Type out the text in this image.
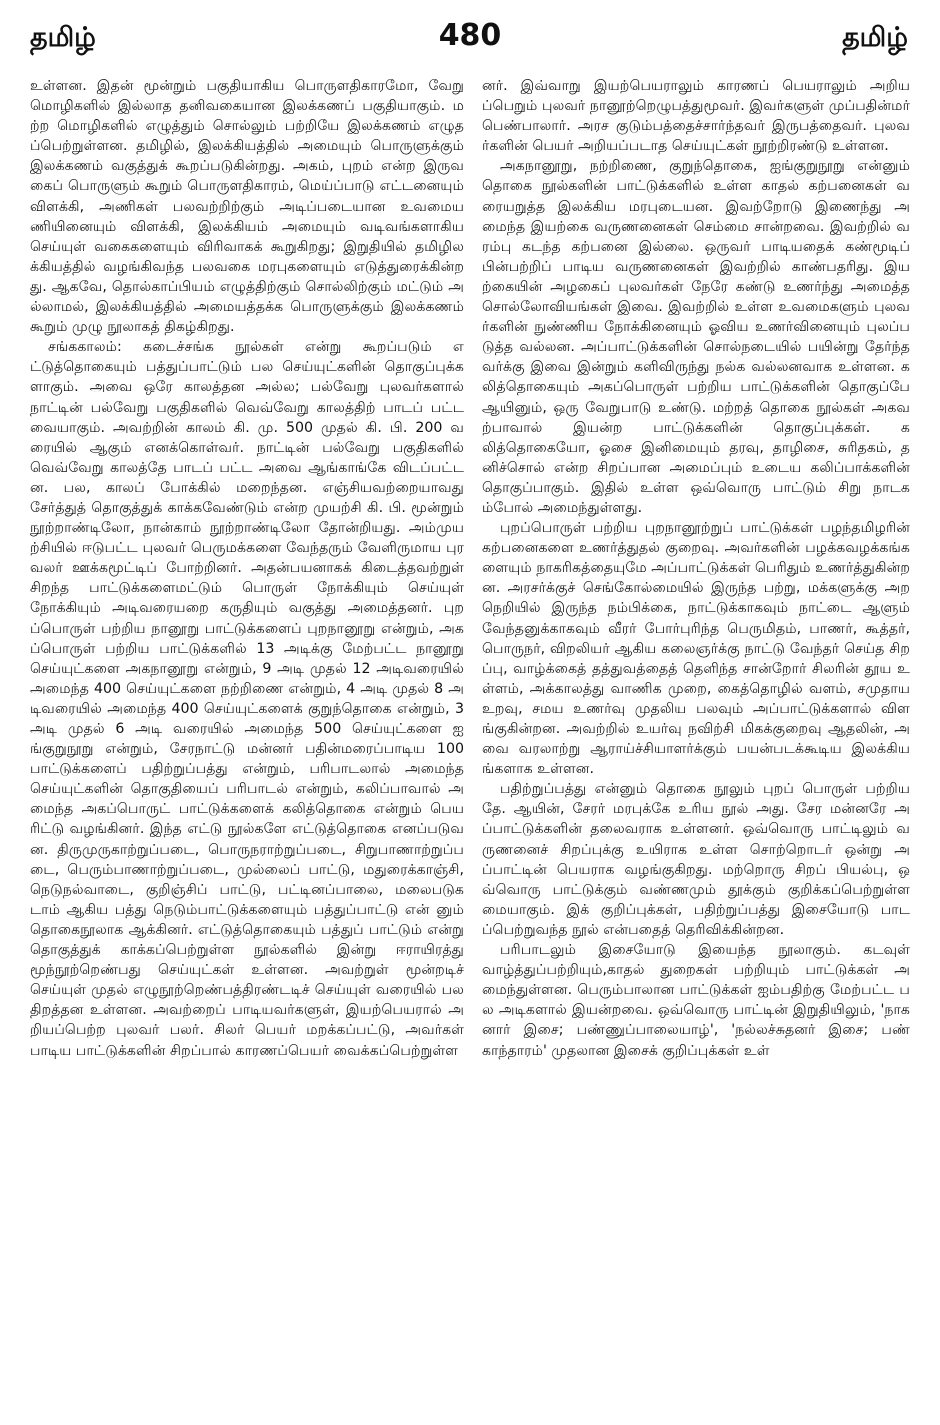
தமிழ்	480	தமிழ்

உள்ளன. இதன் மூன்றும் பகுதியாகிய பொருளதிகாரமோ, வேறு மொழிகளில் இல்லாத தனிவகையான இலக்கணப் பகுதியாகும். மற்ற மொழிகளில் எழுத்தும் சொல்லும் பற்றியே இலக்கணம் எழுதப்பெற்றுள்ளன. தமிழில், இலக்கியத்தில் அமையும் பொருளுக்கும் இலக்கணம் வகுத்துக் கூறப்படுகின்றது. அகம், புறம் என்ற இருவகைப் பொருளும் கூறும் பொருளதிகாரம், மெய்ப்பாடு எட்டனையும் விளக்கி, அணிகள் பலவற்றிற்கும் அடிப்படையான உவமையணியினையும் விளக்கி, இலக்கியம் அமையும் வடிவங்களாகிய செய்யுள் வகைகளையும் விரிவாகக் கூறுகிறது; இறுதியில் தமிழிலக்கியத்தில் வழங்கிவந்த பலவகை மரபுகளையும் எடுத்துரைக்கின்றது. ஆகவே, தொல்காப்பியம் எழுத்திற்கும் சொல்லிற்கும் மட்டும் அல்லாமல், இலக்கியத்தில் அமையத்தக்க பொருளுக்கும் இலக்கணம் கூறும் முழு நூலாகத் திகழ்கிறது.

சங்ககாலம்: கடைச்சங்க நூல்கள் என்று கூறப்படும் எட்டுத்தொகையும் பத்துப்பாட்டும் பல செய்யுட்களின் தொகுப்புக்களாகும். அவை ஒரே காலத்தன அல்ல; பல்வேறு புலவர்களால் நாட்டின் பல்வேறு பகுதிகளில் வெவ்வேறு காலத்திற் பாடப் பட்டவையாகும். அவற்றின் காலம் கி. மு. 500 முதல் கி. பி. 200 வரையில் ஆகும் எனக்கொள்வர். நாட்டின் பல்வேறு பகுதிகளில் வெவ்வேறு காலத்தே பாடப் பட்ட அவை ஆங்காங்கே விடப்பட்டன. பல, காலப் போக்கில் மறைந்தன. எஞ்சியவற்றையாவது சேர்த்துத் தொகுத்துக் காக்கவேண்டும் என்ற முயற்சி கி. பி. மூன்றும் நூற்றாண்டிலோ, நான்காம் நூற்றாண்டிலோ தோன்றியது. அம்முயற்சியில் ஈடுபட்ட புலவர் பெருமக்களை வேந்தரும் வேளிருமாய புரவலர் ஊக்கமூட்டிப் போற்றினர். அதன்பயனாகக் கிடைத்தவற்றுள் சிறந்த பாட்டுக்களைமட்டும் பொருள் நோக்கியும் செய்யுள் நோக்கியும் அடிவரையறை கருதியும் வகுத்து அமைத்தனர். புறப்பொருள் பற்றிய நானூறு பாட்டுக்களைப் புறநானூறு என்றும், அகப்பொருள் பற்றிய பாட்டுக்களில் 13 அடிக்கு மேற்பட்ட நானூறு செய்யுட்களை அகநானூறு என்றும், 9 அடி முதல் 12 அடிவரையில் அமைந்த 400 செய்யுட்களை நற்றிணை என்றும், 4 அடி முதல் 8 அடிவரையில் அமைந்த 400 செய்யுட்களைக் குறுந்தொகை என்றும், 3 அடி முதல் 6 அடி வரையில் அமைந்த 500 செய்யுட்களை ஐங்குறுநூறு என்றும், சேரநாட்டு மன்னர் பதின்மரைப்பாடிய 100 பாட்டுக்களைப் பதிற்றுப்பத்து என்றும், பரிபாடலால் அமைந்த செய்யுட்களின் தொகுதியைப் பரிபாடல் என்றும், கலிப்பாவால் அமைந்த அகப்பொருட் பாட்டுக்களைக் கலித்தொகை என்றும் பெயரிட்டு வழங்கினர். இந்த எட்டு நூல்களே எட்டுத்தொகை எனப்படுவன. திருமுருகாற்றுப்படை, பொருநராற்றுப்படை, சிறுபாணாற்றுப்படை, பெரும்பாணாற்றுப்படை, முல்லைப் பாட்டு, மதுரைக்காஞ்சி, நெடுநல்வாடை, குறிஞ்சிப் பாட்டு, பட்டினப்பாலை, மலைபடுகடாம் ஆகிய பத்து நெடும்பாட்டுக்களையும் பத்துப்பாட்டு என் னும் தொகைநூலாக ஆக்கினர். எட்டுத்தொகையும் பத்துப் பாட்டும் என்று தொகுத்துக் காக்கப்பெற்றுள்ள நூல்களில் இன்று ஈராயிரத்து மூந்நூற்றெண்பது செய்யுட்கள் உள்ளன. அவற்றுள் மூன்றடிச் செய்யுள் முதல் எழுநூற்றெண்பத்திரண்டடிச் செய்யுள் வரையில் பலதிறத்தன உள்ளன. அவற்றைப் பாடியவர்களுள், இயற்பெயரால் அறியப்பெற்ற புலவர் பலர். சிலர் பெயர் மறக்கப்பட்டு, அவர்கள் பாடிய பாட்டுக்களின் சிறப்பால் காரணப்பெயர் வைக்கப்பெற்றுள்ள

னர். இவ்வாறு இயற்பெயராலும் காரணப் பெயராலும் அறியப்பெறும் புலவர் நானூற்றெழுபத்துமூவர். இவர்களுள் முப்பதின்மர் பெண்பாலார். அரச குடும்பத்தைச்சார்ந்தவர் இருபத்தைவர். புலவர்களின் பெயர் அறியப்படாத செய்யுட்கள் நூற்றிரண்டு உள்ளன.

அகநானூறு, நற்றிணை, குறுந்தொகை, ஐங்குறுநூறு என்னும் தொகை நூல்களின் பாட்டுக்களில் உள்ள காதல் கற்பனைகள் வரையறுத்த இலக்கிய மரபுடையன. இவற்றோடு இணைந்து அமைந்த இயற்கை வருணனைகள் செம்மை சான்றவை. இவற்றில் வரம்பு கடந்த கற்பனை இல்லை. ஒருவர் பாடியதைக் கண்மூடிப் பின்பற்றிப் பாடிய வருணனைகள் இவற்றில் காண்பதரிது. இயற்கையின் அழகைப் புலவர்கள் நேரே கண்டு உணர்ந்து அமைத்த சொல்லோவியங்கள் இவை. இவற்றில் உள்ள உவமைகளும் புலவர்களின் நுண்ணிய நோக்கினையும் ஓவிய உணர்வினையும் புலப்படுத்த வல்லன. அப்பாட்டுக்களின் சொல்நடையில் பயின்று தேர்ந்தவர்க்கு இவை இன்றும் களிவிருந்து நல்க வல்லனவாக உள்ளன. கலித்தொகையும் அகப்பொருள் பற்றிய பாட்டுக்களின் தொகுப்பே ஆயினும், ஒரு வேறுபாடு உண்டு. மற்றத் தொகை நூல்கள் அகவற்பாவால் இயன்ற பாட்டுக்களின் தொகுப்புக்கள். கலித்தொகையோ, ஓசை இனிமையும் தரவு, தாழிசை, சுரிதகம், தனிச்சொல் என்ற சிறப்பான அமைப்பும் உடைய கலிப்பாக்களின் தொகுப்பாகும். இதில் உள்ள ஒவ்வொரு பாட்டும் சிறு நாடகம்போல் அமைந்துள்ளது.

புறப்பொருள் பற்றிய புறநானூற்றுப் பாட்டுக்கள் பழந்தமிழரின் கற்பனைகளை உணர்த்துதல் குறைவு. அவர்களின் பழக்கவழக்கங்களையும் நாகரிகத்தையுமே அப்பாட்டுக்கள் பெரிதும் உணர்த்துகின்றன. அரசர்க்குச் செங்கோல்மையில் இருந்த பற்று, மக்களுக்கு அறநெறியில் இருந்த நம்பிக்கை, நாட்டுக்காகவும் நாட்டை ஆளும் வேந்தனுக்காகவும் வீரர் போர்புரிந்த பெருமிதம், பாணர், கூத்தர், பொருநர், விறலியர் ஆகிய கலைஞர்க்கு நாட்டு வேந்தர் செய்த சிறப்பு, வாழ்க்கைத் தத்துவத்தைத் தெளிந்த சான்றோர் சிலரின் தூய உள்ளம், அக்காலத்து வாணிக முறை, கைத்தொழில் வளம், சமுதாய உறவு, சமய உணர்வு முதலிய பலவும் அப்பாட்டுக்களால் விளங்குகின்றன. அவற்றில் உயர்வு நவிற்சி மிகக்குறைவு ஆதலின், அவை வரலாற்று ஆராய்ச்சியாளர்க்கும் பயன்படக்கூடிய இலக்கியங்களாக உள்ளன.

பதிற்றுப்பத்து என்னும் தொகை நூலும் புறப் பொருள் பற்றியதே. ஆயின், சேரர் மரபுக்கே உரிய நூல் அது. சேர மன்னரே அப்பாட்டுக்களின் தலைவராக உள்ளனர். ஒவ்வொரு பாட்டிலும் வருணனைச் சிறப்புக்கு உயிராக உள்ள சொற்றொடர் ஒன்று அப்பாட்டின் பெயராக வழங்குகிறது. மற்றொரு சிறப் பியல்பு, ஒவ்வொரு பாட்டுக்கும் வண்ணமும் தூக்கும் குறிக்கப்பெற்றுள்ளமையாகும். இக் குறிப்புக்கள், பதிற்றுப்பத்து இசையோடு பாடப்பெற்றுவந்த நூல் என்பதைத் தெரிவிக்கின்றன.

பரிபாடலும் இசையோடு இயைந்த நூலாகும். கடவுள் வாழ்த்துப்பற்றியும்,காதல் துறைகள் பற்றியும் பாட்டுக்கள் அமைந்துள்ளன. பெரும்பாலான பாட்டுக்கள் ஐம்பதிற்கு மேற்பட்ட பல அடிகளால் இயன்றவை. ஒவ்வொரு பாட்டின் இறுதியிலும், 'நாகனார் இசை; பண்ணுப்பாலையாழ்', 'நல்லச்சுதனர் இசை; பண் காந்தாரம்' முதலான இசைக் குறிப்புக்கள் உள்
